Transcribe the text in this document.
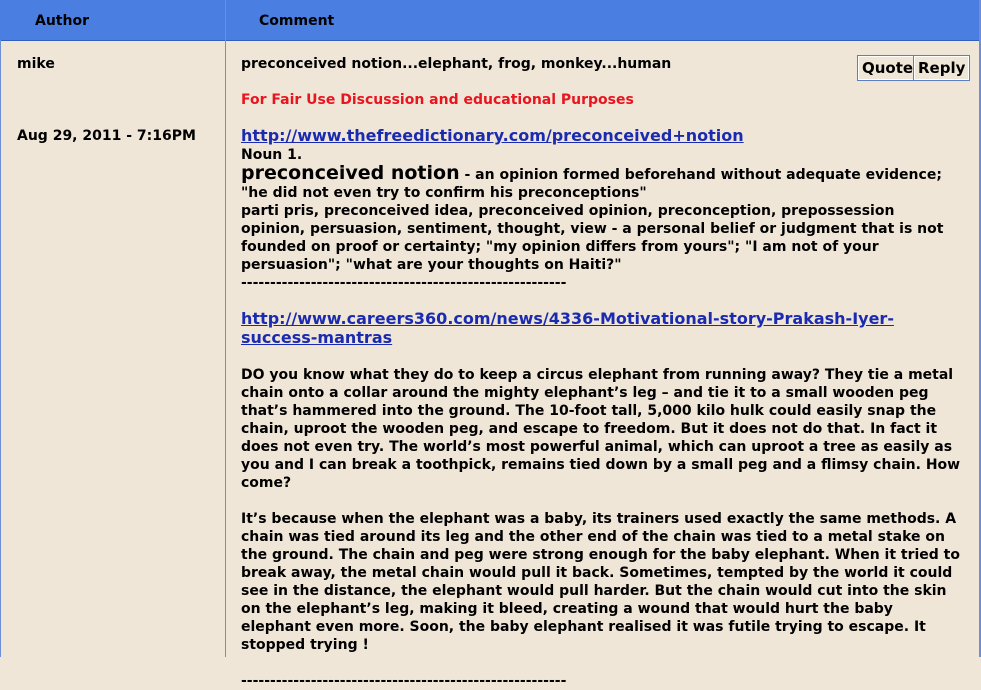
Author	Comment
mike
Aug 29, 2011 - 7:16PM
preconceived notion...elephant, frog, monkey...human	Quote Reply
For Fair Use Discussion and educational Purposes

http://www.thefreedictionary.com/preconceived+notion

Noun 1.

preconceived notion - an opinion formed beforehand without adequate evidence; "he did not even try to confirm his preconceptions"

parti pris, preconceived idea, preconceived opinion, preconception, prepossession

opinion, persuasion, sentiment, thought, view - a personal belief or judgment that is not founded on proof or certainty; "my opinion differs from yours"; "I am not of your persuasion"; "what are your thoughts on Haiti?"

--------------------------------------------------------

http://www.careers360.com/news/4336-Motivational-story-Prakash-Iyer-success-mantras

DO you know what they do to keep a circus elephant from running away? They tie a metal chain onto a collar around the mighty elephant’s leg – and tie it to a small wooden peg that’s hammered into the ground. The 10-foot tall, 5,000 kilo hulk could easily snap the chain, uproot the wooden peg, and escape to freedom. But it does not do that. In fact it does not even try. The world’s most powerful animal, which can uproot a tree as easily as you and I can break a toothpick, remains tied down by a small peg and a flimsy chain. How come?

It’s because when the elephant was a baby, its trainers used exactly the same methods. A chain was tied around its leg and the other end of the chain was tied to a metal stake on the ground. The chain and peg were strong enough for the baby elephant. When it tried to break away, the metal chain would pull it back. Sometimes, tempted by the world it could see in the distance, the elephant would pull harder. But the chain would cut into the skin on the elephant’s leg, making it bleed, creating a wound that would hurt the baby elephant even more. Soon, the baby elephant realised it was futile trying to escape. It stopped trying !

--------------------------------------------------------
